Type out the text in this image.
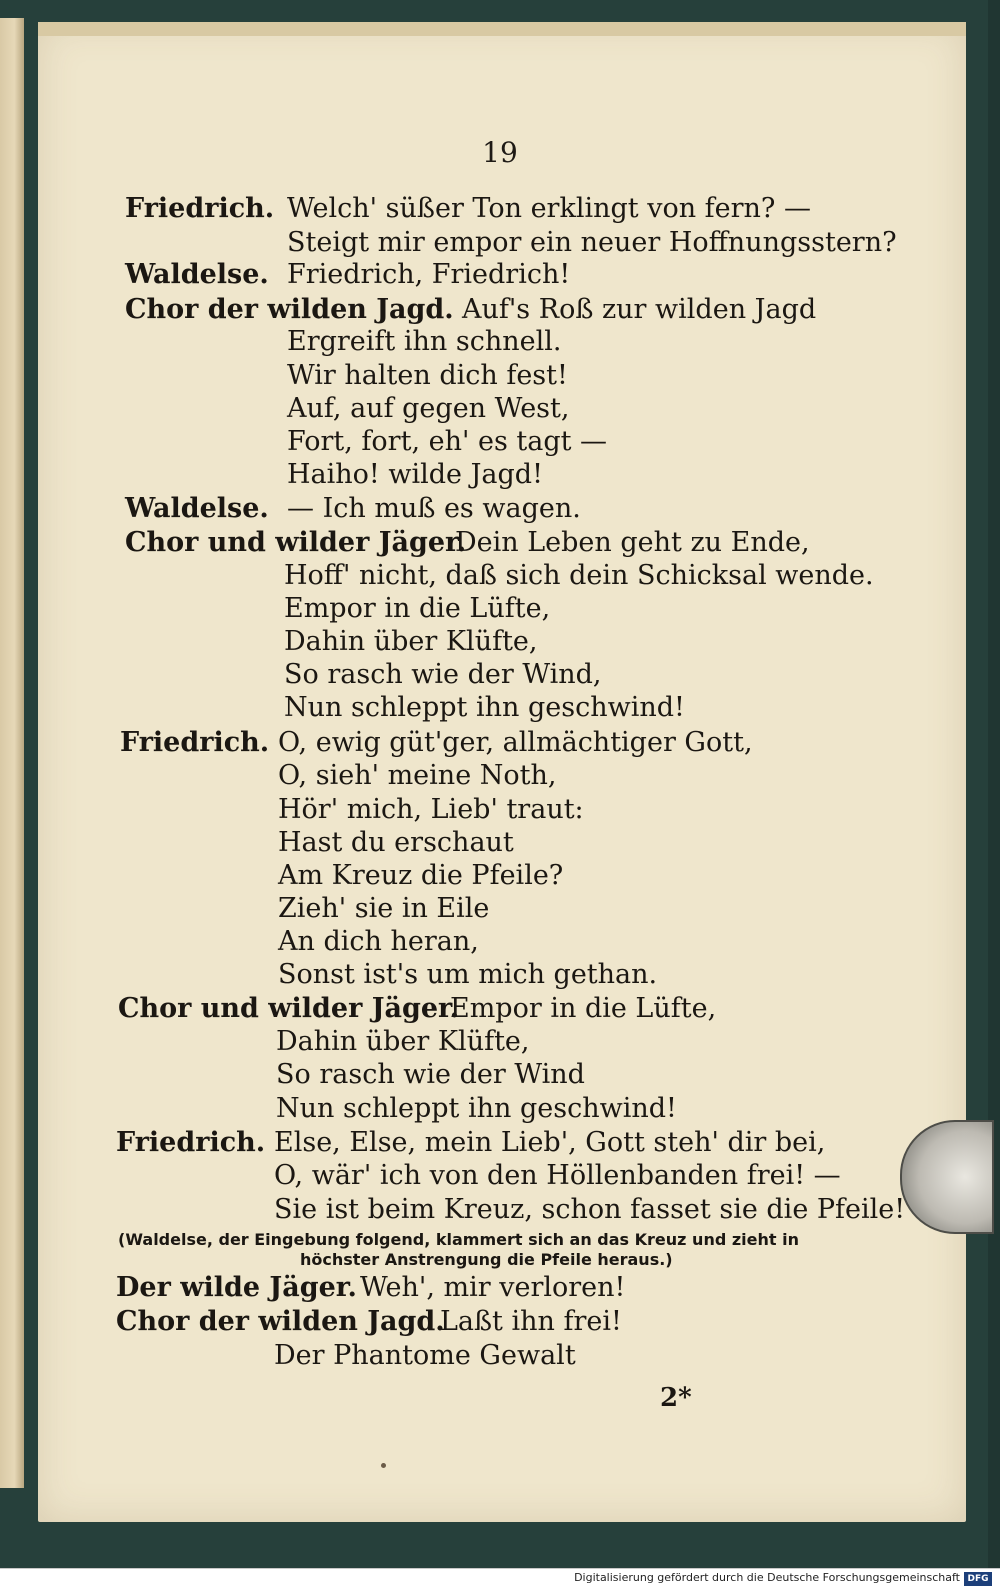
19
Friedrich. Welch' süßer Ton erklingt von fern? —
Steigt mir empor ein neuer Hoffnungsstern?
Waldelse. Friedrich, Friedrich!
Chor der wilden Jagd. Auf's Roß zur wilden Jagd
Ergreift ihn schnell.
Wir halten dich fest!
Auf, auf gegen West,
Fort, fort, eh' es tagt —
Haiho! wilde Jagd!
Waldelse. — Ich muß es wagen.
Chor und wilder Jäger.
Dein Leben geht zu Ende,
Hoff' nicht, daß sich dein Schicksal wende.
Empor in die Lüfte,
Dahin über Klüfte,
So rasch wie der Wind,
Nun schleppt ihn geschwind!
Friedrich. O, ewig güt'ger, allmächtiger Gott,
O, sieh' meine Noth,
Hör' mich, Lieb' traut:
Hast du erschaut
Am Kreuz die Pfeile?
Zieh' sie in Eile
An dich heran,
Sonst ist's um mich gethan.
Chor und wilder Jäger.
Empor in die Lüfte,
Dahin über Klüfte,
So rasch wie der Wind
Nun schleppt ihn geschwind!
Friedrich. Else, Else, mein Lieb', Gott steh' dir bei,
O, wär' ich von den Höllenbanden frei! —
Sie ist beim Kreuz, schon fasset sie die Pfeile!
(Waldelse, der Eingebung folgend, klammert sich an das Kreuz und zieht in
höchster Anstrengung die Pfeile heraus.)
Der wilde Jäger. Weh', mir verloren!
Chor der wilden Jagd.
Laßt ihn frei!
Der Phantome Gewalt
2*
Digitalisierung gefördert durch die Deutsche Forschungsgemeinschaft DFG
